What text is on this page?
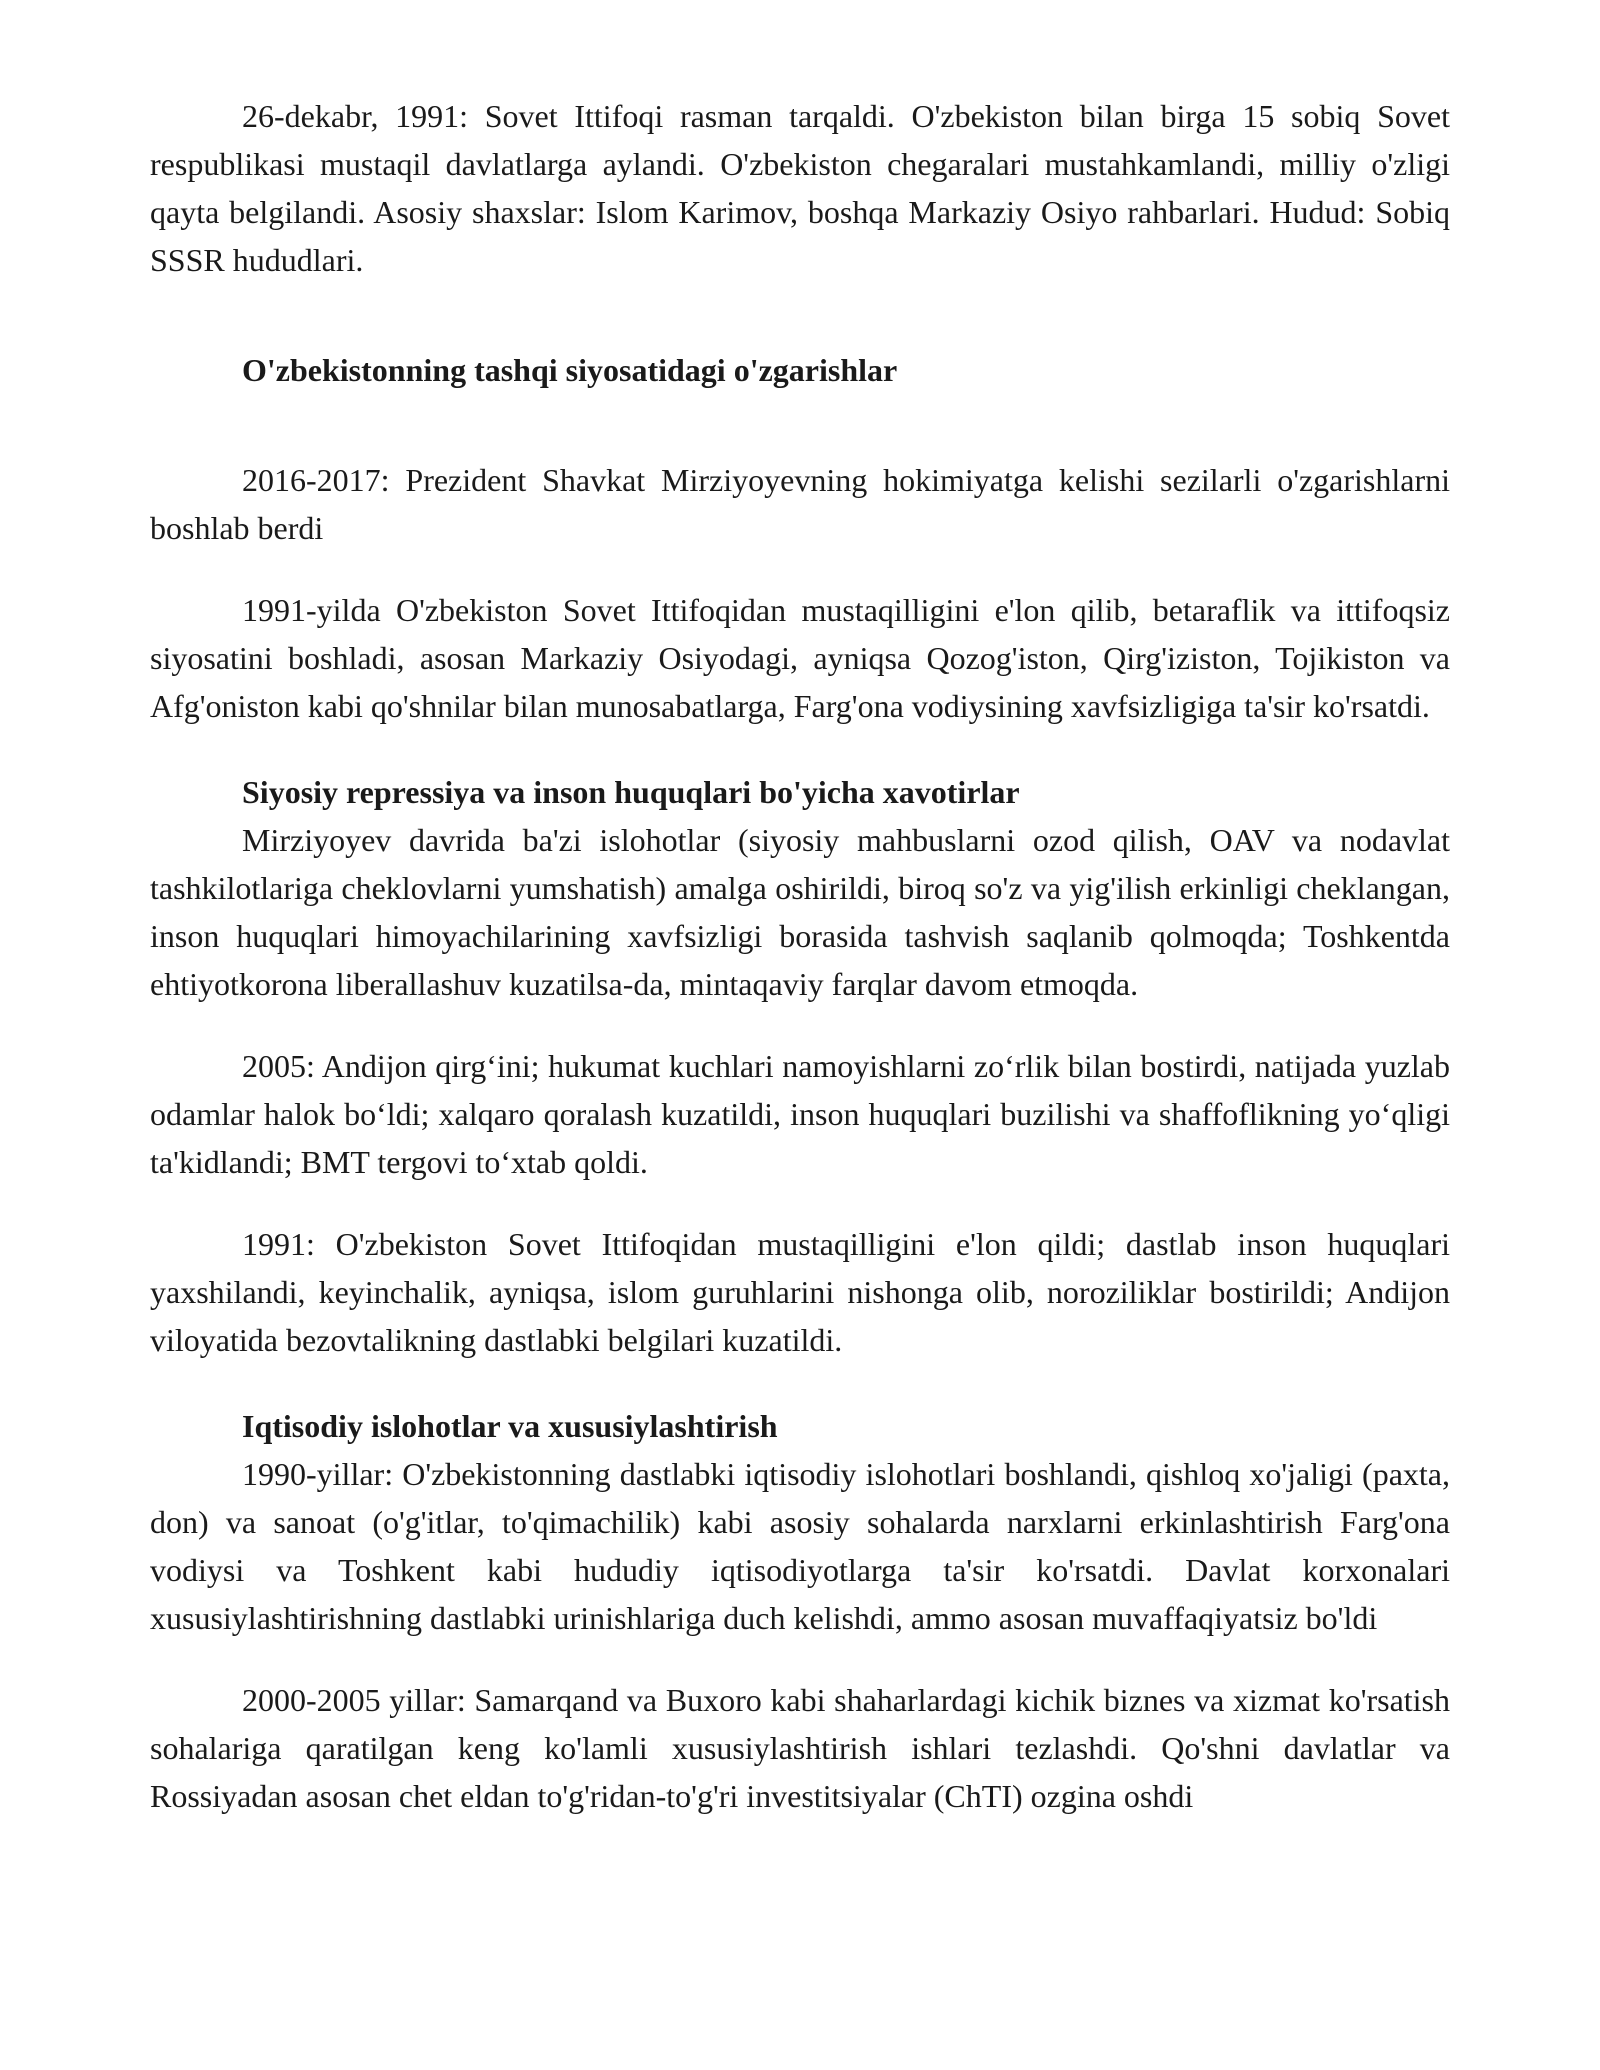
26-dekabr, 1991: Sovet Ittifoqi rasman tarqaldi. O'zbekiston bilan birga 15 sobiq Sovet respublikasi mustaqil davlatlarga aylandi. O'zbekiston chegaralari mustahkamlandi, milliy o'zligi qayta belgilandi. Asosiy shaxslar: Islom Karimov, boshqa Markaziy Osiyo rahbarlari. Hudud: Sobiq SSSR hududlari.

O'zbekistonning tashqi siyosatidagi o'zgarishlar

2016-2017: Prezident Shavkat Mirziyoyevning hokimiyatga kelishi sezilarli o'zgarishlarni boshlab berdi

1991-yilda O'zbekiston Sovet Ittifoqidan mustaqilligini e'lon qilib, betaraflik va ittifoqsiz siyosatini boshladi, asosan Markaziy Osiyodagi, ayniqsa Qozog'iston, Qirg'iziston, Tojikiston va Afg'oniston kabi qo'shnilar bilan munosabatlarga, Farg'ona vodiysining xavfsizligiga ta'sir ko'rsatdi.

Siyosiy repressiya va inson huquqlari bo'yicha xavotirlar

Mirziyoyev davrida ba'zi islohotlar (siyosiy mahbuslarni ozod qilish, OAV va nodavlat tashkilotlariga cheklovlarni yumshatish) amalga oshirildi, biroq so'z va yig'ilish erkinligi cheklangan, inson huquqlari himoyachilarining xavfsizligi borasida tashvish saqlanib qolmoqda; Toshkentda ehtiyotkorona liberallashuv kuzatilsa-da, mintaqaviy farqlar davom etmoqda.

2005: Andijon qirg‘ini; hukumat kuchlari namoyishlarni zo‘rlik bilan bostirdi, natijada yuzlab odamlar halok bo‘ldi; xalqaro qoralash kuzatildi, inson huquqlari buzilishi va shaffoflikning yo‘qligi ta'kidlandi; BMT tergovi to‘xtab qoldi.

1991: O'zbekiston Sovet Ittifoqidan mustaqilligini e'lon qildi; dastlab inson huquqlari yaxshilandi, keyinchalik, ayniqsa, islom guruhlarini nishonga olib, noroziliklar bostirildi; Andijon viloyatida bezovtalikning dastlabki belgilari kuzatildi.

Iqtisodiy islohotlar va xususiylashtirish

1990-yillar: O'zbekistonning dastlabki iqtisodiy islohotlari boshlandi, qishloq xo'jaligi (paxta, don) va sanoat (o'g'itlar, to'qimachilik) kabi asosiy sohalarda narxlarni erkinlashtirish Farg'ona vodiysi va Toshkent kabi hududiy iqtisodiyotlarga ta'sir ko'rsatdi. Davlat korxonalari xususiylashtirishning dastlabki urinishlariga duch kelishdi, ammo asosan muvaffaqiyatsiz bo'ldi

2000-2005 yillar: Samarqand va Buxoro kabi shaharlardagi kichik biznes va xizmat ko'rsatish sohalariga qaratilgan keng ko'lamli xususiylashtirish ishlari tezlashdi. Qo'shni davlatlar va Rossiyadan asosan chet eldan to'g'ridan-to'g'ri investitsiyalar (ChTI) ozgina oshdi
